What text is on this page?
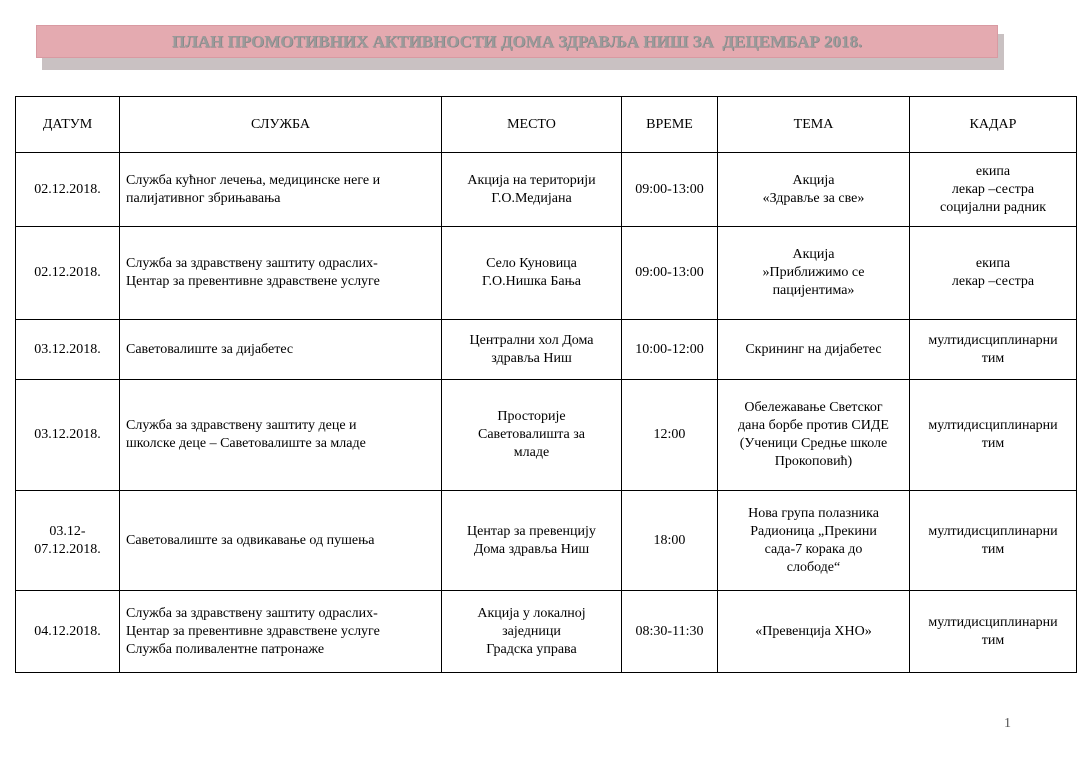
ПЛАН ПРОМОТИВНИХ АКТИВНОСТИ ДОМА ЗДРАВЉА НИШ ЗА  ДЕЦЕМБАР 2018.
ДАТУМ	СЛУЖБА	МЕСТО	ВРЕМЕ	ТЕМА	КАДАР

02.12.2018.	Служба кућног лечења, медицинске неге и
палијативног збрињавања	Акција на територији
Г.О.Медијана	09:00-13:00	Акција
«Здравље за све»	екипа
лекар –сестра
социјални радник

02.12.2018.	Служба за здравствену заштиту одраслих-
Центар за превентивне здравствене услуге	Село Куновица
Г.О.Нишка Бања	09:00-13:00	Акција
»Приближимо се
пацијентима»	екипа
лекар –сестра

03.12.2018.	Саветовалиште за дијабетес	Централни хол Дома
здравља Ниш	10:00-12:00	Скрининг на дијабетес	мултидисциплинарни
тим

03.12.2018.	Служба за здравствену заштиту деце и
школске деце – Саветовалиште за младе	Просторије
Саветовалишта за
младе	12:00	Обележавање Светског
дана борбе против СИДЕ
(Ученици Средње школе
Прокоповић)	мултидисциплинарни
тим

03.12-
07.12.2018.	Саветовалиште за одвикавање од пушења	Центар за превенцију
Дома здравља Ниш	18:00	Нова група полазника
Радионица „Прекини
сада-7 корака до
слободе“	мултидисциплинарни
тим

04.12.2018.	Служба за здравствену заштиту одраслих-
Центар за превентивне здравствене услуге
Служба поливалентне патронаже	Акција у локалној
заједници
Градска управа	08:30-11:30	«Превенција ХНО»	мултидисциплинарни
тим
1
